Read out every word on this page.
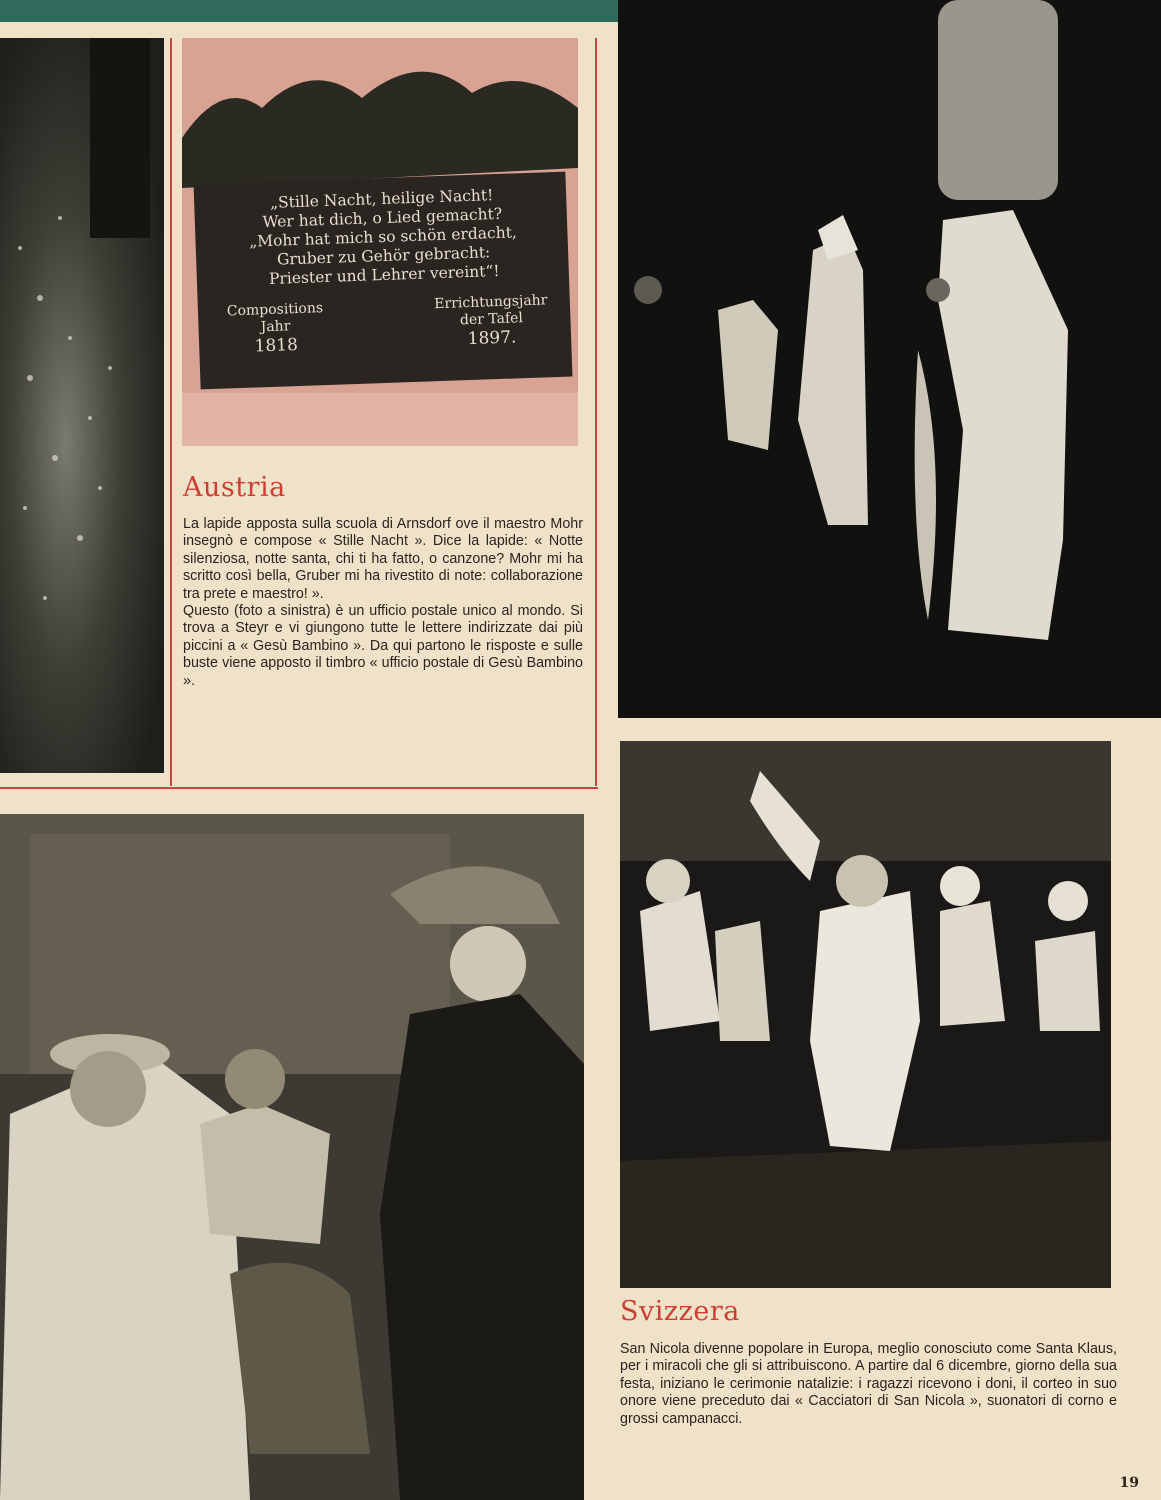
„Stille Nacht, heilige Nacht!
Wer hat dich, o Lied gemacht?
„Mohr hat mich so schön erdacht,
Gruber zu Gehör gebracht:
Priester und Lehrer vereint“!
Compositions
Jahr
1818
Errichtungsjahr
der Tafel
1897.
Austria

La lapide apposta sulla scuola di Arnsdorf ove il maestro Mohr insegnò e compose « Stille Nacht ». Dice la lapide: « Notte silenziosa, notte santa, chi ti ha fatto, o canzone? Mohr mi ha scritto così bella, Gruber mi ha rivestito di note: collaborazione tra prete e maestro! ».

Questo (foto a sinistra) è un ufficio postale unico al mondo. Si trova a Steyr e vi giungono tutte le lettere indirizzate dai più piccini a « Gesù Bambino ». Da qui partono le risposte e sulle buste viene apposto il timbro « ufficio postale di Gesù Bambino ».

Svizzera

San Nicola divenne popolare in Europa, meglio conosciuto come Santa Klaus, per i miracoli che gli si attribuiscono. A partire dal 6 dicembre, giorno della sua festa, iniziano le cerimonie natalizie: i ragazzi ricevono i doni, il corteo in suo onore viene preceduto dai « Cacciatori di San Nicola », suonatori di corno e grossi campanacci.

19
